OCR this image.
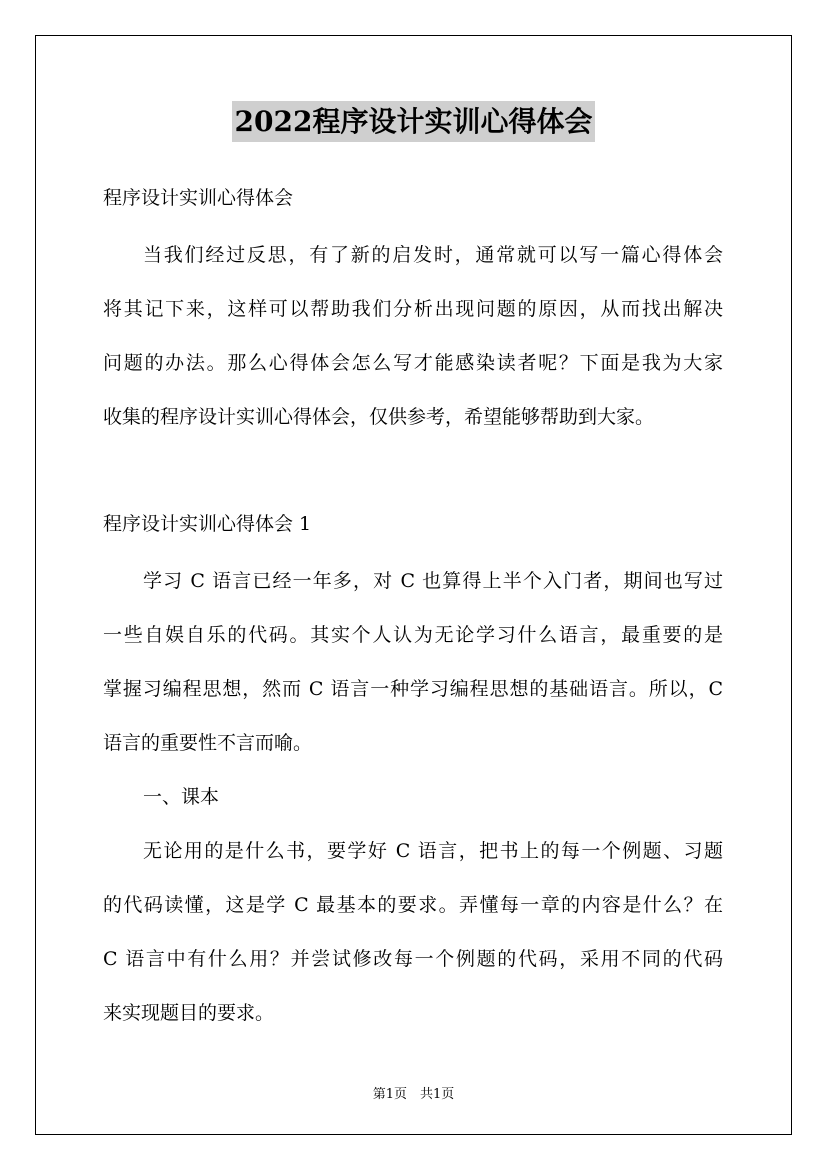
2022程序设计实训心得体会
程序设计实训心得体会
当我们经过反思，有了新的启发时，通常就可以写一篇心得体会
将其记下来，这样可以帮助我们分析出现问题的原因，从而找出解决
问题的办法。那么心得体会怎么写才能感染读者呢？下面是我为大家
收集的程序设计实训心得体会，仅供参考，希望能够帮助到大家。
程序设计实训心得体会 1
学习 C 语言已经一年多，对 C 也算得上半个入门者，期间也写过
一些自娱自乐的代码。其实个人认为无论学习什么语言，最重要的是
掌握习编程思想，然而 C 语言一种学习编程思想的基础语言。所以，C
语言的重要性不言而喻。
一、课本
无论用的是什么书，要学好 C 语言，把书上的每一个例题、习题
的代码读懂，这是学 C 最基本的要求。弄懂每一章的内容是什么？在
C 语言中有什么用？并尝试修改每一个例题的代码，采用不同的代码
来实现题目的要求。
第1页　共1页
